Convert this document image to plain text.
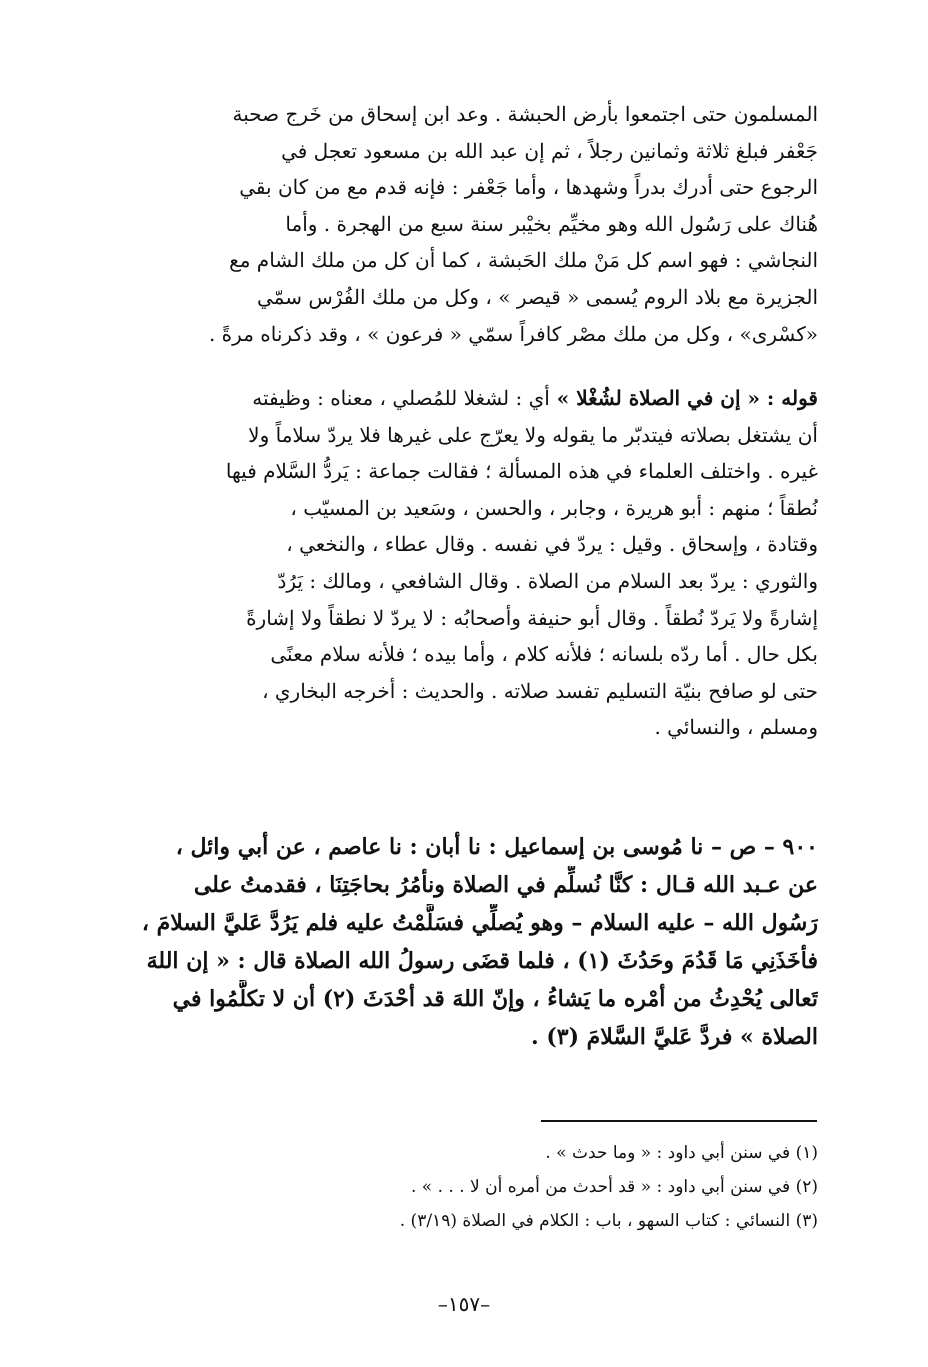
المسلمون حتى اجتمعوا بأرض الحبشة . وعد ابن إسحاق من خَرج صحبة
جَعْفر فبلغ ثلاثة وثمانين رجلاً ، ثم إن عبد الله بن مسعود تعجل في
الرجوع حتى أدرك بدراً وشهدها ، وأما جَعْفر : فإنه قدم مع من كان بقي
هُناك على رَسُول الله وهو مخيِّم بخيْبر سنة سبع من الهجرة . وأما
النجاشي : فهو اسم كل مَنْ ملك الحَبشة ، كما أن كل من ملك الشام مع
الجزيرة مع بلاد الروم يُسمى « قيصر » ، وكل من ملك الفُرْس سمّي
«كسْرى» ، وكل من ملك مصْر كافراً سمّي « فرعون » ، وقد ذكرناه مرةً .
قوله : « إن في الصلاة لشُغْلا » أي : لشغلا للمُصلي ، معناه : وظيفته
أن يشتغل بصلاته فيتدبّر ما يقوله ولا يعرّج على غيرها فلا يردّ سلاماً ولا
غيره . واختلف العلماء في هذه المسألة ؛ فقالت جماعة : يَردُّ السَّلام فيها
نُطقاً ؛ منهم : أبو هريرة ، وجابر ، والحسن ، وسَعيد بن المسيّب ،
وقتادة ، وإسحاق . وقيل : يردّ في نفسه . وقال عطاء ، والنخعي ،
والثوري : يردّ بعد السلام من الصلاة . وقال الشافعي ، ومالك : يَرُدّ
إشارةً ولا يَردّ نُطقاً . وقال أبو حنيفة وأصحابُه : لا يردّ لا نطقاً ولا إشارةً
بكل حال . أما ردّه بلسانه ؛ فلأنه كلام ، وأما بيده ؛ فلأنه سلام معنًى
حتى لو صافح بنيّة التسليم تفسد صلاته . والحديث : أخرجه البخاري ،
ومسلم ، والنسائي .
٩٠٠ – ص – نا مُوسى بن إسماعيل : نا أبان : نا عاصم ، عن أبي وائل ،
عن عـبد الله قـال : كنَّا نُسلِّم في الصلاة ونأمُرُ بحاجَتِنَا ، فقدمتُ على
رَسُول الله – عليه السلام – وهو يُصلِّي فسَلَّمْتُ عليه فلم يَرُدَّ عَليَّ السلامَ ،
فأخَذَنِي مَا قَدُمَ وحَدُثَ (١) ، فلما قضَى رسولُ الله الصلاة قال : « إن اللهَ
تَعالى يُحْدِثُ من أمْره ما يَشاءُ ، وإنّ اللهَ قد أحْدَثَ (٢) أن لا تكلَّمُوا في
الصلاة » فردَّ عَليَّ السَّلامَ (٣) .
(١) في سنن أبي داود : « وما حدث » .
(٢) في سنن أبي داود : « قد أحدث من أمره أن لا . . . » .
(٣) النسائي : كتاب السهو ، باب : الكلام في الصلاة (٣/١٩) .
–١٥٧–
